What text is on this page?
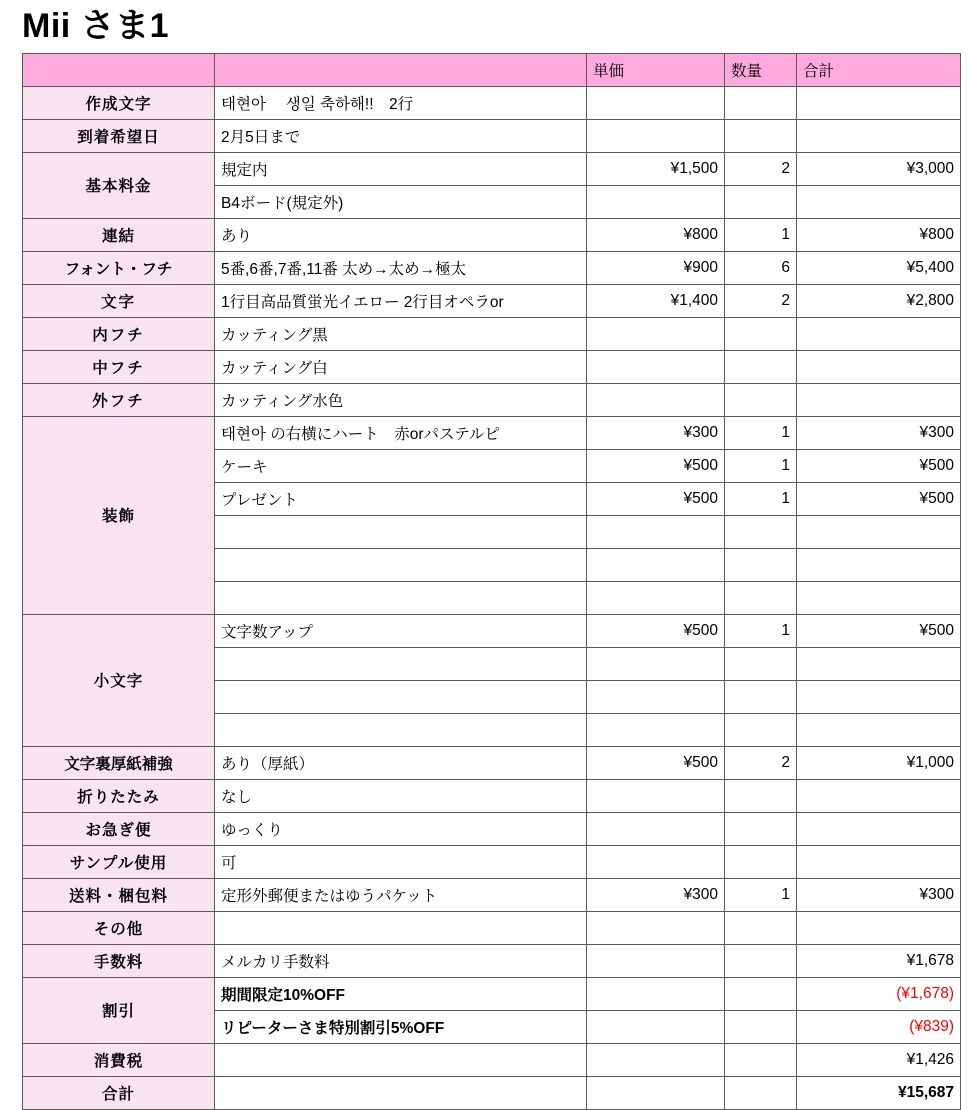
Mii さま1
		単価	数量	合計
作成文字	태현아　 생일 축하해!!　2行			
到着希望日	2月5日まで			
基本料金	規定内	¥1,500	2	¥3,000
	B4ボード(規定外)			
連結	あり	¥800	1	¥800
フォント・フチ	5番,6番,7番,11番 太め→太め→極太	¥900	6	¥5,400
文字	1行目高品質蛍光イエロー 2行目オペラor	¥1,400	2	¥2,800
内フチ	カッティング黒			
中フチ	カッティング白			
外フチ	カッティング水色			
装飾	태현아 の右横にハート　赤orパステルピ	¥300	1	¥300
	ケーキ	¥500	1	¥500
	プレゼント	¥500	1	¥500

小文字	文字数アップ	¥500	1	¥500

文字裏厚紙補強	あり（厚紙）	¥500	2	¥1,000
折りたたみ	なし			
お急ぎ便	ゆっくり			
サンプル使用	可			
送料・梱包料	定形外郵便またはゆうパケット	¥300	1	¥300
その他				
手数料	メルカリ手数料			¥1,678
割引	期間限定10%OFF			(¥1,678)
	リピーターさま特別割引5%OFF			(¥839)
消費税				¥1,426
合計				¥15,687
